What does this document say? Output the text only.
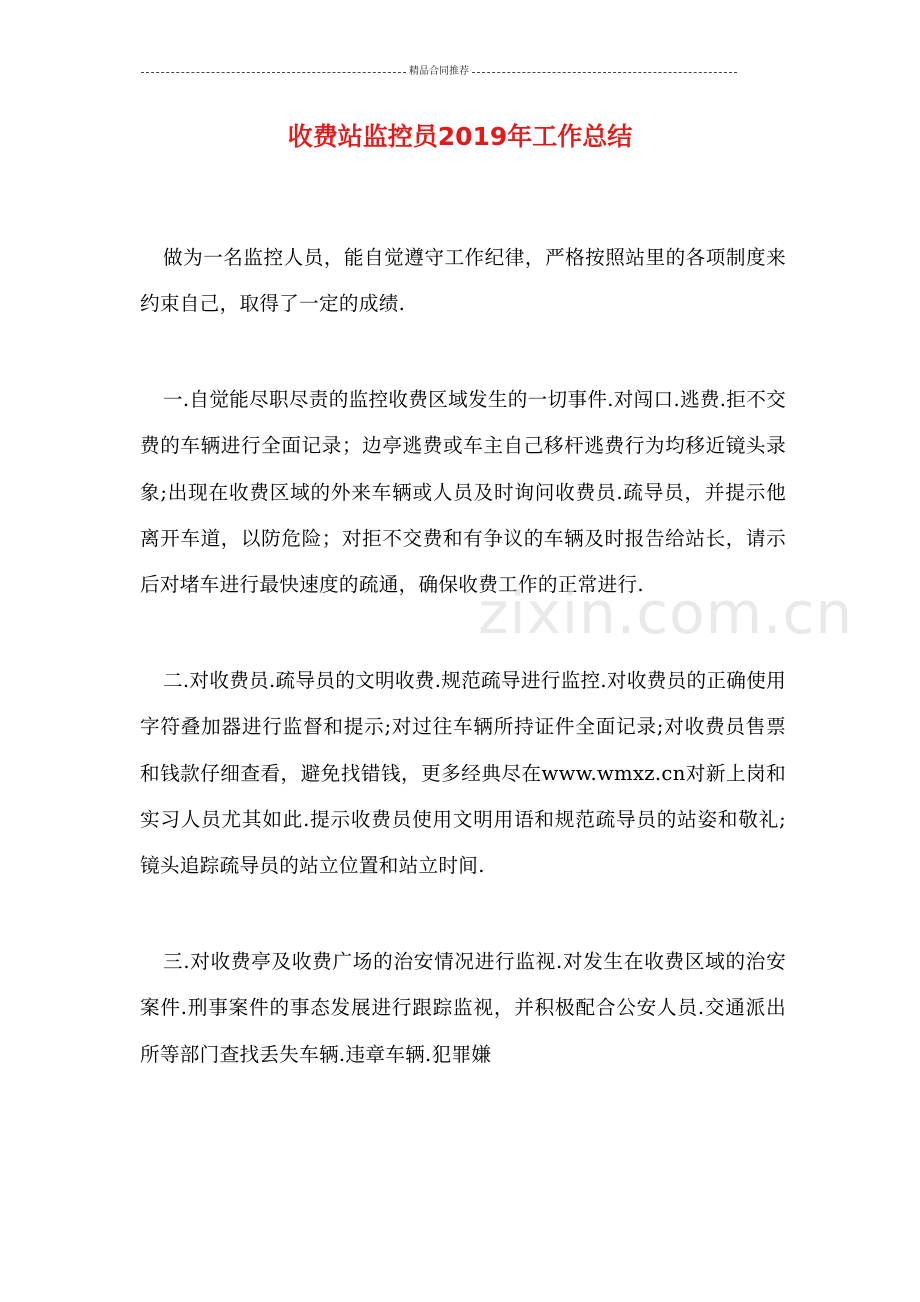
精品合同推荐
收费站监控员2019年工作总结

做为一名监控人员，能自觉遵守工作纪律，严格按照站里的各项制度来约束自己，取得了一定的成绩.

一.自觉能尽职尽责的监控收费区域发生的一切事件.对闯口.逃费.拒不交费的车辆进行全面记录；边亭逃费或车主自己移杆逃费行为均移近镜头录象;出现在收费区域的外来车辆或人员及时询问收费员.疏导员，并提示他离开车道，以防危险；对拒不交费和有争议的车辆及时报告给站长，请示后对堵车进行最快速度的疏通，确保收费工作的正常进行.

二.对收费员.疏导员的文明收费.规范疏导进行监控.对收费员的正确使用字符叠加器进行监督和提示;对过往车辆所持证件全面记录;对收费员售票和钱款仔细查看，避免找错钱，更多经典尽在www.wmxz.cn对新上岗和实习人员尤其如此.提示收费员使用文明用语和规范疏导员的站姿和敬礼;镜头追踪疏导员的站立位置和站立时间.

三.对收费亭及收费广场的治安情况进行监视.对发生在收费区域的治安案件.刑事案件的事态发展进行跟踪监视，并积极配合公安人员.交通派出所等部门查找丢失车辆.违章车辆.犯罪嫌

zixin.com.cn
